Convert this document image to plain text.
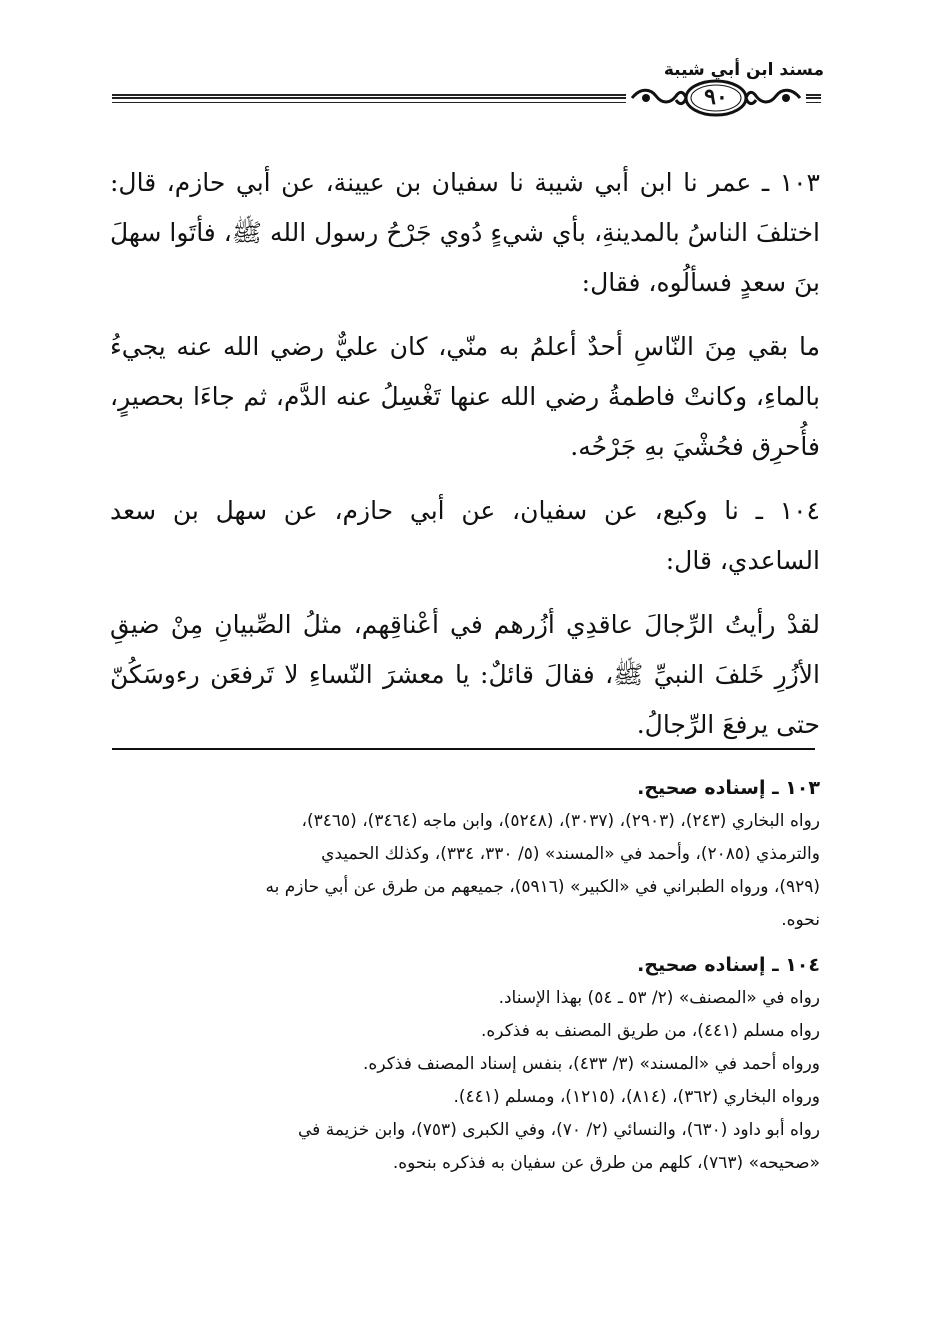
مسند ابن أبي شيبة
٩٠

١٠٣ ـ عمر نا ابن أبي شيبة نا سفيان بن عيينة، عن أبي حازم، قال: اختلفَ الناسُ بالمدينةِ، بأي شيءٍ دُوي جَرْحُ رسول الله ﷺ، فأتَوا سهلَ بنَ سعدٍ فسألُوه، فقال:

ما بقي مِنَ النّاسِ أحدٌ أعلمُ به منّي، كان عليٌّ رضي الله عنه يجيءُ بالماءِ، وكانتْ فاطمةُ رضي الله عنها تَغْسِلُ عنه الدَّم، ثم جاءَا بحصيرٍ، فأُحرِق فحُشْيَ بهِ جَرْحُه.

١٠٤ ـ نا وكيع، عن سفيان، عن أبي حازم، عن سهل بن سعد الساعدي، قال:

لقدْ رأيتُ الرِّجالَ عاقدِي أزُرهم في أعْناقِهم، مثلُ الصِّبيانِ مِنْ ضيقِ الأزُرِ خَلفَ النبيِّ ﷺ، فقالَ قائلٌ: يا معشرَ النّساءِ لا تَرفعَن رءوسَكُنّ حتى يرفعَ الرِّجالُ.

١٠٣ ـ إسناده صحيح.

رواه البخاري (٢٤٣)، (٢٩٠٣)، (٣٠٣٧)، (٥٢٤٨)، وابن ماجه (٣٤٦٤)، (٣٤٦٥)،

والترمذي (٢٠٨٥)، وأحمد في «المسند» (٥/ ٣٣٠، ٣٣٤)، وكذلك الحميدي

(٩٢٩)، ورواه الطبراني في «الكبير» (٥٩١٦)، جميعهم من طرق عن أبي حازم به

نحوه.

١٠٤ ـ إسناده صحيح.

رواه في «المصنف» (٢/ ٥٣ ـ ٥٤) بهذا الإسناد.

رواه مسلم (٤٤١)، من طريق المصنف به فذكره.

ورواه أحمد في «المسند» (٣/ ٤٣٣)، بنفس إسناد المصنف فذكره.

ورواه البخاري (٣٦٢)، (٨١٤)، (١٢١٥)، ومسلم (٤٤١).

رواه أبو داود (٦٣٠)، والنسائي (٢/ ٧٠)، وفي الكبرى (٧٥٣)، وابن خزيمة في

«صحيحه» (٧٦٣)، كلهم من طرق عن سفيان به فذكره بنحوه.
